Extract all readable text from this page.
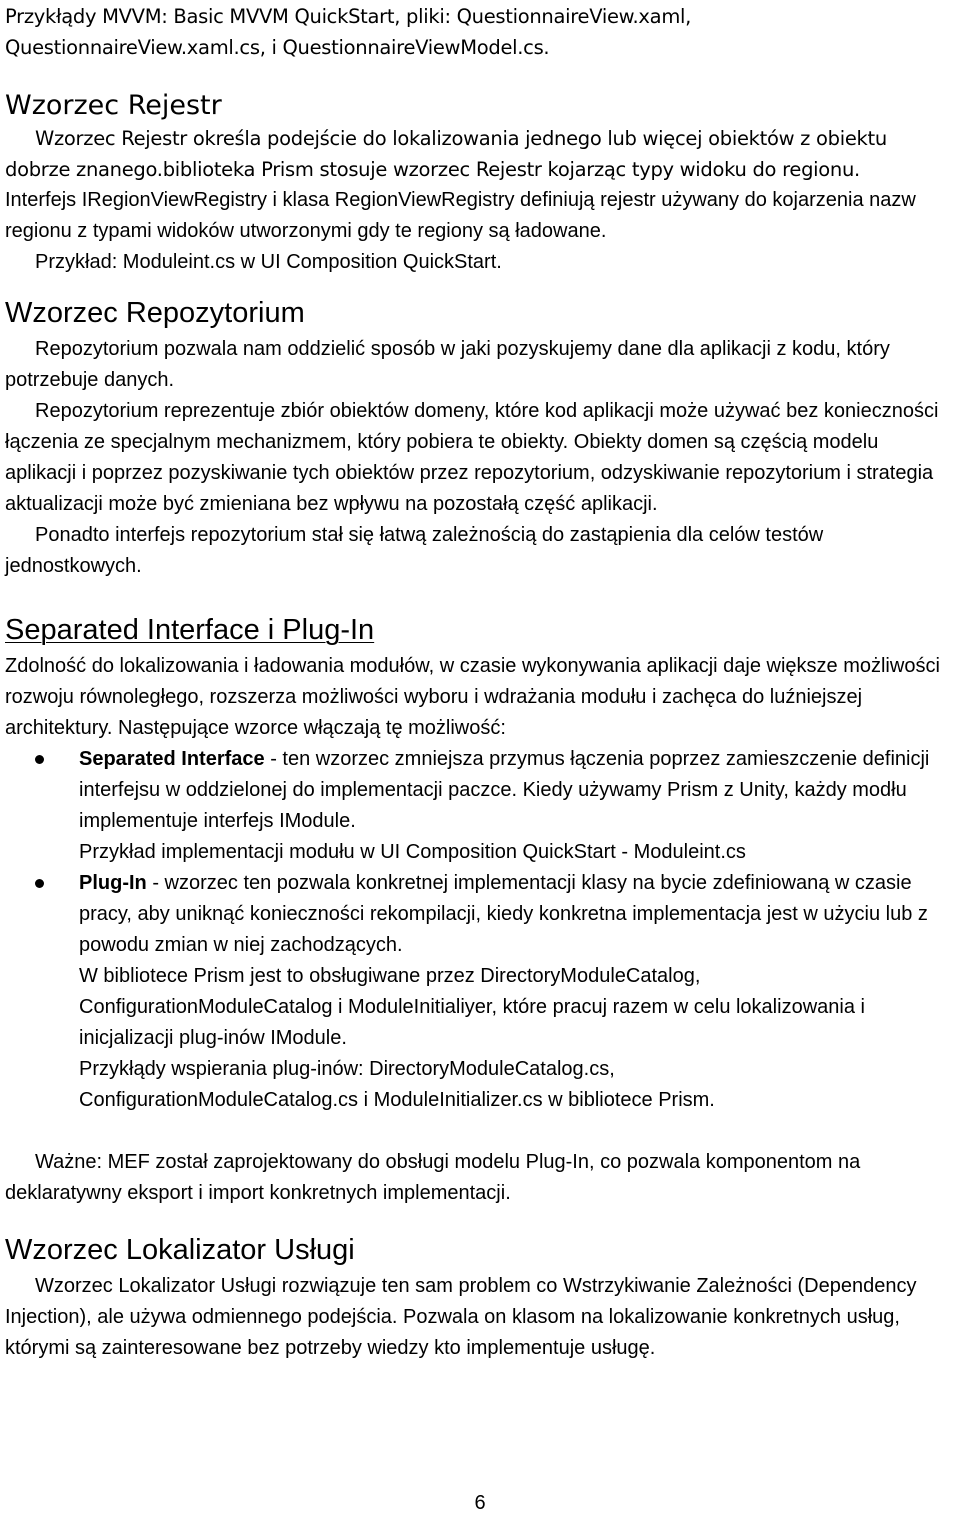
Przykłądy MVVM: Basic MVVM QuickStart, pliki: QuestionnaireView.xaml, QuestionnaireView.xaml.cs, i QuestionnaireViewModel.cs.

Wzorzec Rejestr

Wzorzec Rejestr określa podejście do lokalizowania jednego lub więcej obiektów z obiektu dobrze znanego.biblioteka Prism stosuje wzorzec Rejestr kojarząc typy widoku do regionu.

Interfejs IRegionViewRegistry i klasa RegionViewRegistry definiują rejestr używany do kojarzenia nazw regionu z typami widoków utworzonymi gdy te regiony są ładowane.

Przykład: Moduleint.cs w UI Composition QuickStart.

Wzorzec Repozytorium

Repozytorium pozwala nam oddzielić sposób w jaki pozyskujemy dane dla aplikacji z kodu, który potrzebuje danych.

Repozytorium reprezentuje zbiór obiektów domeny, które kod aplikacji może używać bez konieczności łączenia ze specjalnym mechanizmem, który pobiera te obiekty. Obiekty domen są częścią modelu aplikacji i poprzez pozyskiwanie tych obiektów przez repozytorium, odzyskiwanie repozytorium i strategia aktualizacji może być zmieniana bez wpływu na pozostałą część aplikacji.

Ponadto interfejs repozytorium stał się łatwą zależnością do zastąpienia dla celów testów jednostkowych.

Separated Interface i Plug-In

Zdolność do lokalizowania i ładowania modułów, w czasie wykonywania aplikacji daje większe możliwości rozwoju równoległego, rozszerza możliwości wyboru i wdrażania modułu i zachęca do luźniejszej architektury. Następujące wzorce włączają tę możliwość:

Separated Interface - ten wzorzec zmniejsza przymus łączenia poprzez zamieszczenie definicji interfejsu w oddzielonej do implementacji paczce. Kiedy używamy Prism z Unity, każdy modłu implementuje interfejs IModule.

Przykład implementacji modułu w UI Composition QuickStart - Moduleint.cs

Plug-In - wzorzec ten pozwala konkretnej implementacji klasy na bycie zdefiniowaną w czasie pracy, aby uniknąć konieczności rekompilacji, kiedy konkretna implementacja jest w użyciu lub z powodu zmian w niej zachodzących.

W bibliotece Prism jest to obsługiwane przez DirectoryModuleCatalog, ConfigurationModuleCatalog i ModuleInitialiyer, które pracuj razem w celu lokalizowania i inicjalizacji plug-inów IModule.

Przykłądy wspierania plug-inów: DirectoryModuleCatalog.cs,

ConfigurationModuleCatalog.cs i ModuleInitializer.cs w bibliotece Prism.

Ważne: MEF został zaprojektowany do obsługi modelu Plug-In, co pozwala komponentom na deklaratywny eksport i import konkretnych implementacji.

Wzorzec Lokalizator Usługi

Wzorzec Lokalizator Usługi rozwiązuje ten sam problem co Wstrzykiwanie Zależności (Dependency Injection), ale używa odmiennego podejścia. Pozwala on klasom na lokalizowanie konkretnych usług, którymi są zainteresowane bez potrzeby wiedzy kto implementuje usługę.

6
